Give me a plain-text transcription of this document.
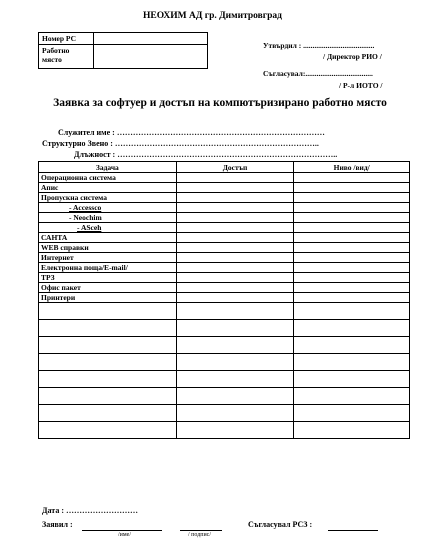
НЕОХИМ АД гр. Димитровград
Номер РС	
Работно място	
Утвърдил : ......................................
/ Директор РИО /
Съгласувал:....................................
/ Р-л ИОТО /
Заявка за софтуер и достъп на компютъризирано работно място
Служител име : ……………………………………………………………………
Структурно Звено : …………………………………………………………………..
Длъжност : ………………………………………………………………………..
Задача	Достъп	Ниво /вид/
Операционна система		
Апис		
Пропускна система		
- Accessco		
- Neochim		
- ASceh		
САНТА		
WEB справки		
Интернет		
Електронна поща/E-mail/		
ТРЗ		
Офис пакет		
Принтери		

Дата : ………………………
Заявил :
/име/	/ подпис/
Съгласувал РСЗ :
